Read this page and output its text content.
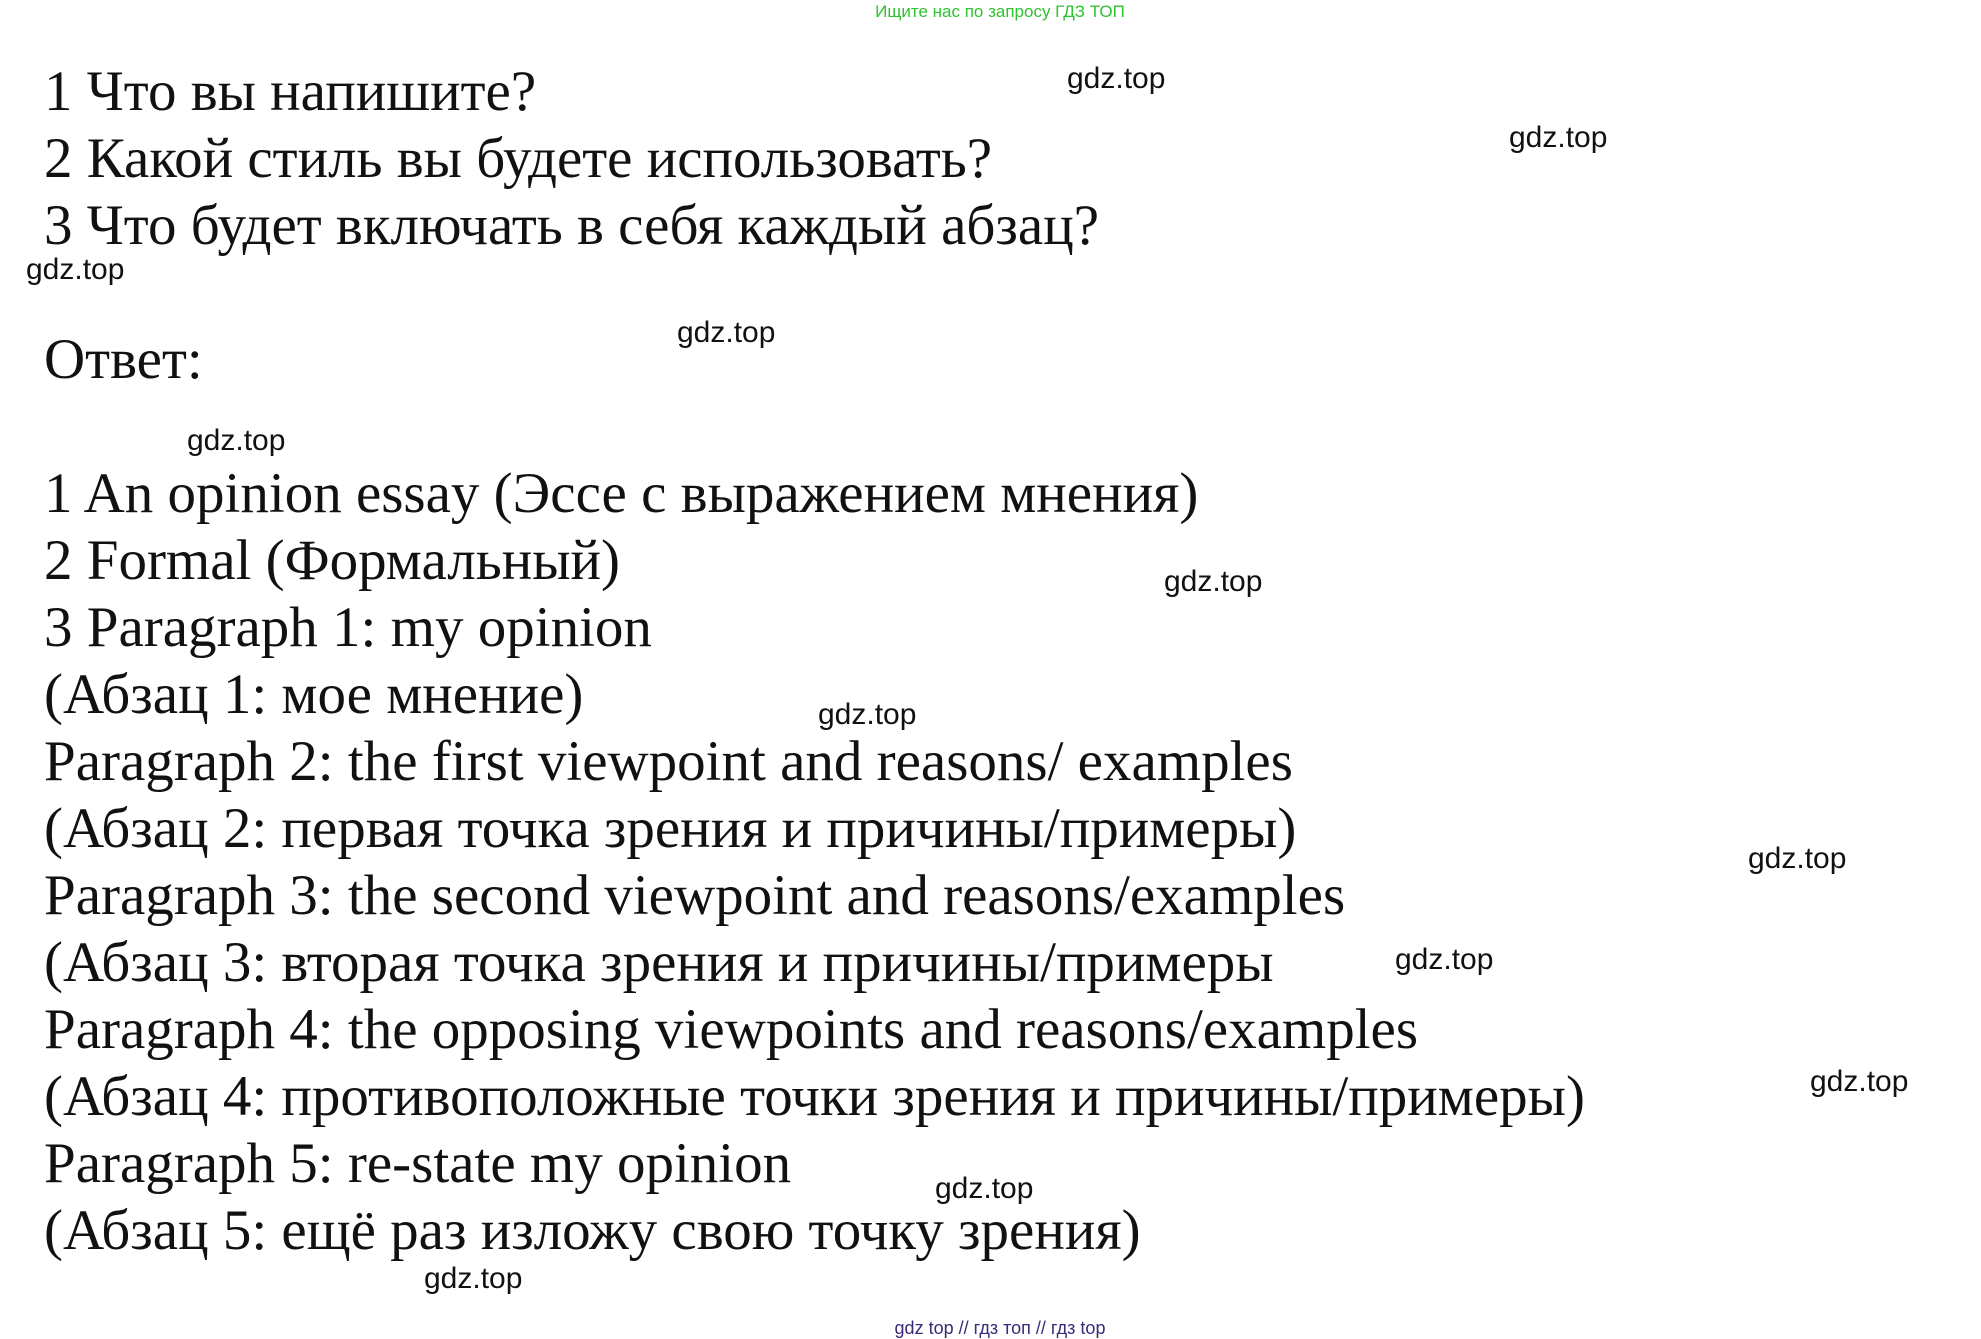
Ищите нас по запросу ГДЗ ТОП
1 Что вы напишите?
2 Какой стиль вы будете использовать?
3 Что будет включать в себя каждый абзац?
Ответ:
1 An opinion essay (Эссе с выражением мнения)
2 Formal (Формальный)
3 Paragraph 1: my opinion
(Абзац 1: мое мнение)
Paragraph 2: the first viewpoint and reasons/ examples
(Абзац 2: первая точка зрения и причины/примеры)
Paragraph 3: the second viewpoint and reasons/examples
(Абзац 3: вторая точка зрения и причины/примеры
Paragraph 4: the opposing viewpoints and reasons/examples
(Абзац 4: противоположные точки зрения и причины/примеры)
Paragraph 5: re-state my opinion
(Абзац 5: ещё раз изложу свою точку зрения)
gdz.top
gdz.top
gdz.top
gdz.top
gdz.top
gdz.top
gdz.top
gdz.top
gdz.top
gdz.top
gdz.top
gdz.top
gdz top // гдз топ // гдз top
